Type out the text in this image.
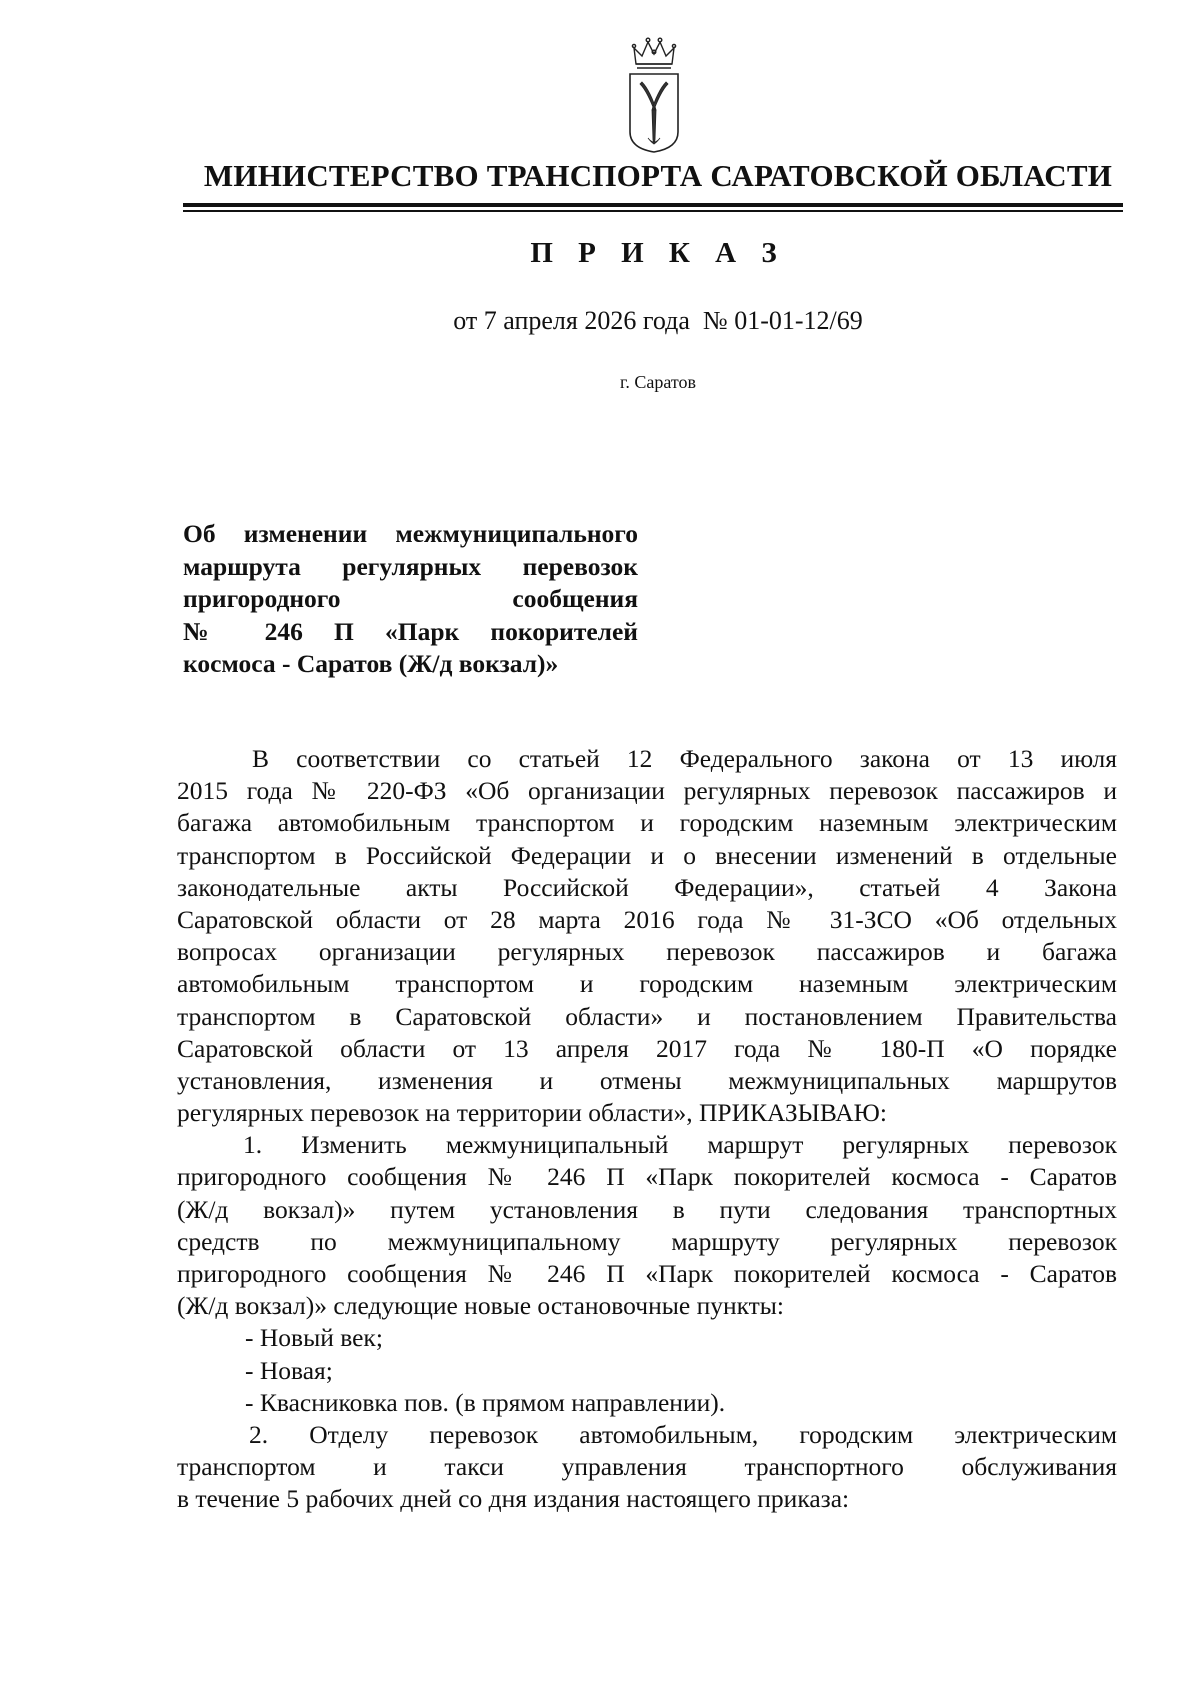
МИНИСТЕРСТВО ТРАНСПОРТА САРАТОВСКОЙ ОБЛАСТИ
П Р И К А З
от 7 апреля 2026 года  № 01-01-12/69
г. Саратов
Об изменении межмуниципального
маршрута регулярных перевозок
пригородного сообщения
№ 246 П «Парк покорителей
космоса - Саратов (Ж/д вокзал)»
В соответствии со статьей 12 Федерального закона от 13 июля
2015 года № 220-ФЗ «Об организации регулярных перевозок пассажиров и
багажа автомобильным транспортом и городским наземным электрическим
транспортом в Российской Федерации и о внесении изменений в отдельные
законодательные акты Российской Федерации», статьей 4 Закона
Саратовской области от 28 марта 2016 года № 31-ЗСО «Об отдельных
вопросах организации регулярных перевозок пассажиров и багажа
автомобильным транспортом и городским наземным электрическим
транспортом в Саратовской области» и постановлением Правительства
Саратовской области от 13 апреля 2017 года № 180-П «О порядке
установления, изменения и отмены межмуниципальных маршрутов
регулярных перевозок на территории области», ПРИКАЗЫВАЮ:
1. Изменить межмуниципальный маршрут регулярных перевозок
пригородного сообщения № 246 П «Парк покорителей космоса - Саратов
(Ж/д вокзал)» путем установления в пути следования транспортных
средств по межмуниципальному маршруту регулярных перевозок
пригородного сообщения № 246 П «Парк покорителей космоса - Саратов
(Ж/д вокзал)» следующие новые остановочные пункты:
- Новый век;
- Новая;
- Квасниковка пов. (в прямом направлении).
2. Отделу перевозок автомобильным, городским электрическим
транспортом и такси управления транспортного обслуживания
в течение 5 рабочих дней со дня издания настоящего приказа:
